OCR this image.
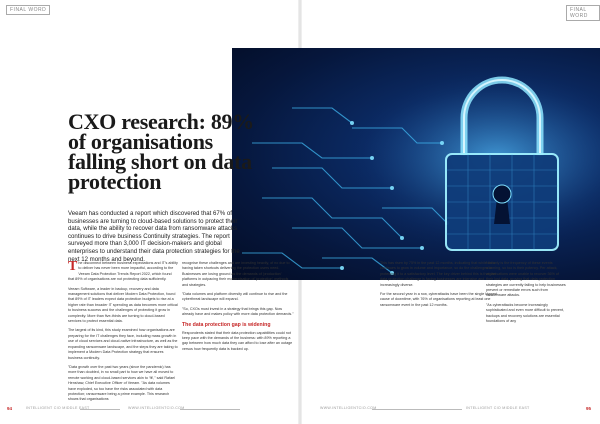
FINAL WORD	FINAL WORD
CXO research: 89% of organisations falling short on data protection
Veeam has conducted a report which discovered that 67% of businesses are turning to cloud-based solutions to protect their data, while the ability to recover data from ransomware attacks continues to drive business Continuity strategies. The report surveyed more than 3,000 IT decision-makers and global enterprises to understand their data protection strategies for the next 12 months and beyond.

The disconnect between business expectations and IT's ability to deliver has never been more impactful, according to the Veeam Data Protection Trends Report 2022, which found that 89% of organisations are not protecting data sufficiently.

Veeam Software, a leader in backup, recovery and data management solutions that deliver Modern Data Protection, found that 89% of IT leaders expect data protection budgets to rise at a higher rate than broader IT spending as data becomes more critical to business success and the challenges of protecting it grow in complexity. More than five-thirds are turning to cloud-based services to protect essential data.

The largest of its kind, this study examined how organisations are preparing for the IT challenges they face, including mass growth in use of cloud services and cloud-native infrastructure, as well as the expanding ransomware landscape, and the steps they are taking to implement a Modern Data Protection strategy that ensures business continuity.

"Data growth over the past two years (since the pandemic) has more than doubled, in no small part to how we have all moved to remote working and cloud-based services akin to 'fit'," said Rafael Henshaw, Chief Executive Officer of Veeam. "As data volumes have exploded, so too have the risks associated with data protection; ransomware being a prime example. This research shows that organisations

recognise these challenges and are investing heavily, of no due to having taken shortcuts delivering the protection users need. Businesses are losing ground as the demands of 'production' platforms in outpacing their modernisation of 'protection' methods and strategies.

"Data volumes and platform diversity will continue to rise and the cyberthreat landscape will expand.

"So, CXOs must invest in a strategy that brings this gap. Now already have and makes policy with more data protection demands."

The data protection gap is widening

Respondents stated that their data protection capabilities could not keep pace with the demands of the business: with 89% reporting a gap between how much data they can afford to lose after an outage versus how frequently data is backed up.

This has risen by 75% in the past 12 months, indicating that while data continues to grow in volume and importance, so do the challenges in protecting it to a satisfactory level. The key driver behind this is that the data protection challenge is facing businesses are intensive and increasingly diverse.

For the second year in a row, cyberattacks have been the single biggest cause of downtime, with 76% of organisations reporting at least one ransomware event in the past 12 months.

Not only is the frequency of these events alarming, so too is their potency. Per attack, organisations were unable to recover 36% of their lost data, proving that data protection strategies are currently failing to help businesses prevent or remediate errors such from ransomware attacks.

"As cyberattacks become increasingly sophisticated and even more difficult to prevent, backups and recovery solutions are essential foundations of any

94	INTELLIGENT CIO MIDDLE EAST	WWW.INTELLIGENTCIO.COM	WWW.INTELLIGENTCIO.COM	INTELLIGENT CIO MIDDLE EAST	95
